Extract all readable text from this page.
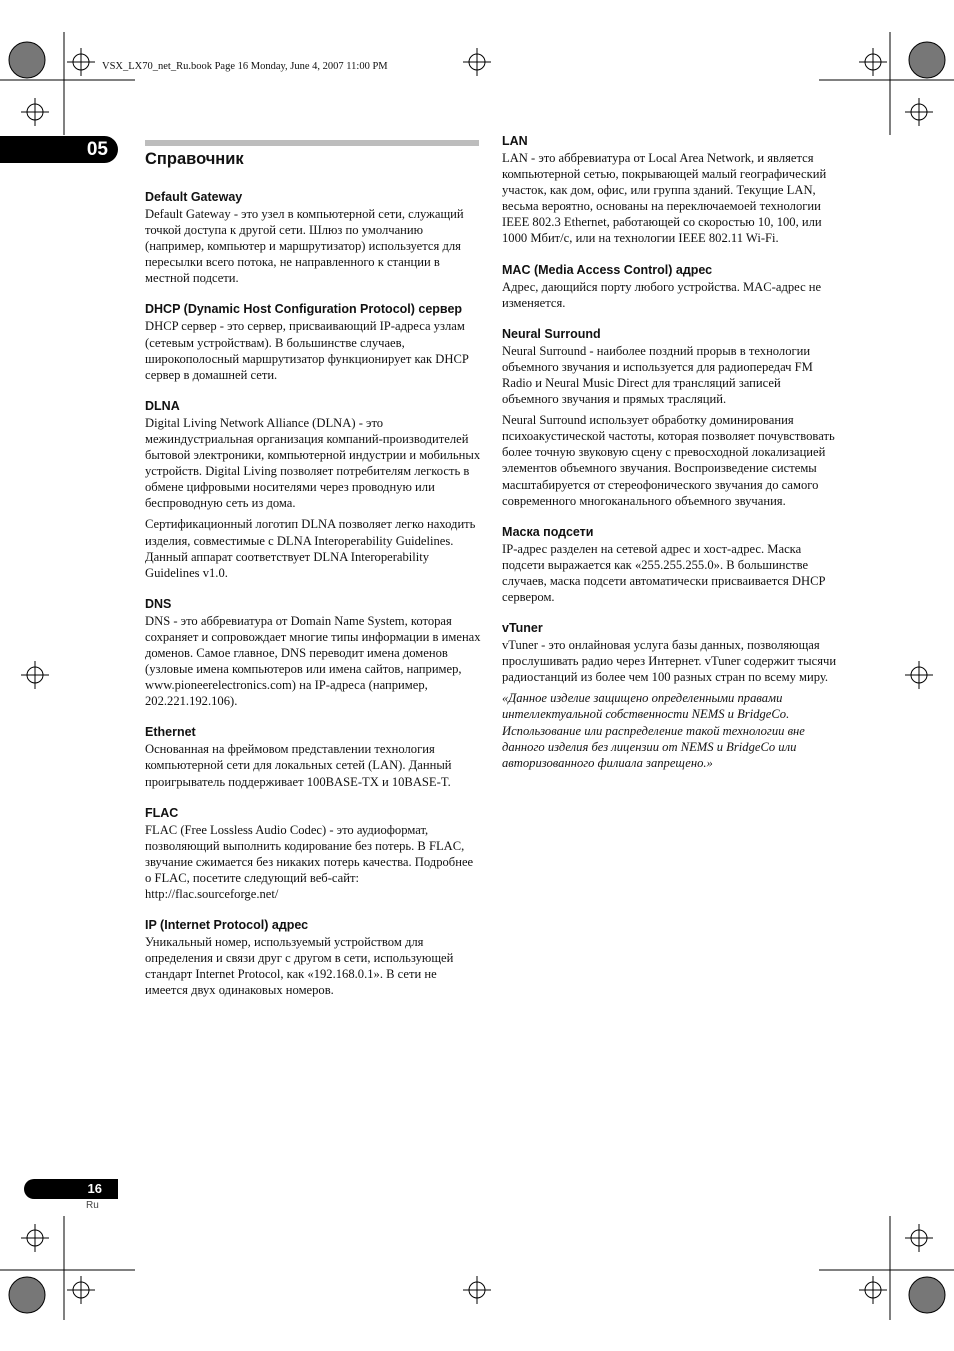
VSX_LX70_net_Ru.book Page 16 Monday, June 4, 2007 11:00 PM
05	Справочник
Default Gateway

Default Gateway - это узел в компьютерной сети, служащий точкой доступа к другой сети. Шлюз по умолчанию (например, компьютер и маршрутизатор) используется для пересылки всего потока, не направленного к станции в местной подсети.

DHCP (Dynamic Host Configuration Protocol) сервер

DHCP сервер - это сервер, присваивающий IP-адреса узлам (сетевым устройствам). В большинстве случаев, широкополосный маршрутизатор функционирует как DHCP сервер в домашней сети.

DLNA

Digital Living Network Alliance (DLNA) - это межиндустриальная организация компаний-производителей бытовой электроники, компьютерной индустрии и мобильных устройств. Digital Living позволяет потребителям легкость в обмене цифровыми носителями через проводную или беспроводную сеть из дома.

Сертификационный логотип DLNA позволяет легко находить изделия, совместимые с DLNA Interoperability Guidelines. Данный аппарат соответствует DLNA Interoperability Guidelines v1.0.

DNS

DNS - это аббревиатура от Domain Name System, которая сохраняет и сопровождает многие типы информации в именах доменов. Самое главное, DNS переводит имена доменов (узловые имена компьютеров или имена сайтов, например, www.pioneerelectronics.com) на IP-адреса (например, 202.221.192.106).

Ethernet

Основанная на фреймовом представлении технология компьютерной сети для локальных сетей (LAN). Данный проигрыватель поддерживает 100BASE-TX и 10BASE-T.

FLAC

FLAC (Free Lossless Audio Codec) - это аудиоформат, позволяющий выполнить кодирование без потерь. В FLAC, звучание сжимается без никаких потерь качества. Подробнее о FLAC, посетите следующий веб-сайт: http://flac.sourceforge.net/

IP (Internet Protocol) адрес

Уникальный номер, используемый устройством для определения и связи друг с другом в сети, использующей стандарт Internet Protocol, как «192.168.0.1». В сети не имеется двух одинаковых номеров.

LAN

LAN - это аббревиатура от Local Area Network, и является компьютерной сетью, покрывающей малый географический участок, как дом, офис, или группа зданий. Текущие LAN, весьма вероятно, основаны на переключаемоей технологии IEEE 802.3 Ethernet, работающей со скоростью 10, 100, или 1000 Мбит/с, или на технологии IEEE 802.11 Wi-Fi.

MAC (Media Access Control) адрес

Адрес, дающийся порту любого устройства. MAC-адрес не изменяется.

Neural Surround

Neural Surround - наиболее поздний прорыв в технологии объемного звучания и используется для радиопередач FM Radio и Neural Music Direct для трансляций записей объемного звучания и прямых трасляций.

Neural Surround использует обработку доминирования психоакустической частоты, которая позволяет почувствовать более точную звуковую сцену с превосходной локализацией элементов объемного звучания. Воспроизведение системы масштабируется от стереофонического звучания до самого современного многоканального объемного звучания.

Маска подсети

IP-адрес разделен на сетевой адрес и хост-адрес. Маска подсети выражается как «255.255.255.0». В большинстве случаев, маска подсети автоматически присваивается DHCP сервером.

vTuner

vTuner - это онлайновая услуга базы данных, позволяющая прослушивать радио через Интернет. vTuner содержит тысячи радиостанций из более чем 100 разных стран по всему миру.

«Данное изделие защищено определенными правами интеллектуальной собственности NEMS и BridgeCo. Использование или распределение такой технологии вне данного изделия без лицензии от NEMS и BridgeCo или авторизованного филиала запрещено.»

16
Ru
